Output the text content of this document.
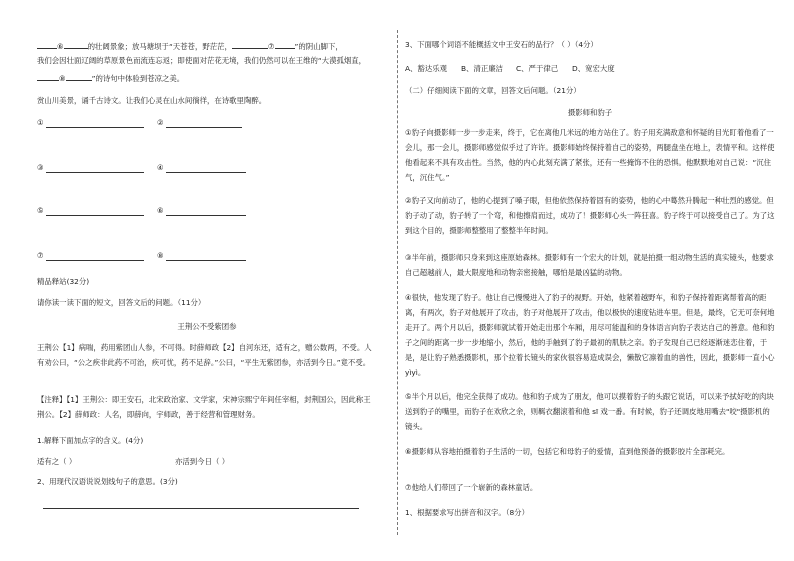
⑥	的壮阔景象；放马塘坝于“天苍苍，野茫茫，	⑦	”的阴山脚下，
我们会因壮面辽阔的草原景色而流连忘返；即使面对茫花无境，我们仍然可以在王维的“大漠孤烟直，
⑧	”的诗句中体验到苍凉之美。
赏山川美景，诵千古诗文。让我们心灵在山水间徜徉，在诗歌里陶醉。
①	②
③	④
⑤	⑥
⑦	⑧
精品释站(32分)
请你读一读下面的短文，回答文后的问题。（11分）
王荆公不受紫团参
王荆公【1】病喘，药用紫团山人参，不可得。时薛师政【2】自河东还，适有之，赠公数两，不受。人有劝公曰，“公之疾非此药不可治，疾可忧，药不足辞。”公曰，“平生无紫团参，亦活到今日。”竟不受。
【注释】【1】王荆公：即王安石，北宋政治家、文学家，宋神宗熙宁年间任宰相，封荆国公，因此称王荆公。【2】薛师政：人名，即薛向，宇师政，善于经营和管理财务。
1.解释下面加点字的含义。(4分)
适有之（ ）	亦活到今日（ ）
2、用现代汉语说说划线句子的意思。(3分)
3、下面哪个词语不能概括文中王安石的品行？（ ）（4分）
A、豁达乐观 B、清正廉洁 C、严于律己 D、宽宏大度
（二）仔细阅读下面的文章，回答文后问题。（21分）
摄影师和豹子
①豹子向摄影师一步一步走来，终于，它在离他几米远的地方站住了。豹子用充满敌意和怀疑的目光盯着他看了一会儿，那一会儿，摄影师感觉似乎过了许许。摄影师始终保持着自己的姿势，两腿盘坐在地上，表情平和。这样使他看起来不具有攻击性。当然，他的内心此刻充满了紧张，还有一些掩饰不住的恐惧。他默默地对自己说：“沉住气，沉住气。”
②豹子又向前动了，他的心提到了嗓子眼，但他依然保持着固有的姿势，他的心中蓦然升腾起一种壮烈的感觉。但豹子动了动，豹子转了一个弯，和他擦肩而过，成功了！摄影师心头一阵狂喜。豹子终于可以接受自己了。为了这到这个目的，摄影师整整用了整整半年时间。
③半年前，摄影师只身来到这座原始森林。摄影师有一个宏大的计划，就是拍摄一组动物生活的真实镜头，他要求自己超越前人，最大限度地和动物亲密接触，哪怕是最凶猛的动物。
④很快，他发现了豹子。他让自己慢慢进入了豹子的视野。开始，他紧着越野车，和豹子保持着距离帮着高的距离，有两次，豹子对他展开了攻击，豹子对他展开了攻击，他以极快的速度钻进车里。但是，最终，它无可奈何地走开了。两个月以后，摄影师就试着开始走出那个车厢，用尽可能温和的身体语言向豹子表达自己的善意。他和豹子之间的距离一步一步地缩小，然后，他的手触到了豹子最初的肌肤之亲。豹子发现自己已经逐渐迷恋住着，于是，是让豹子熟悉摄影机，那个拉着长镜头的家伙很容易造成误会，懒散它凛着血的兽性，因此，摄影师一直小心yìyì。
⑤半个月以后，他完全获得了成功。他和豹子成为了朋友，他可以摸着豹子的头跟它说话，可以来予拭好吃的肉块送到豹子的嘴里，而豹子在欢欣之余，则羁衣翻滚着和他 sī 戏一番。有时候，豹子还调皮地用嘴去"咬"摄影机的镜头。
⑥摄影师从容地拍摄着豹子生活的一切，包括它和母豹子的爱情，直到他预备的摄影胶片全部耗完。
⑦他给人们带回了一个崭新的森林童话。
1、根据要求写出拼音和汉字。（8分）
